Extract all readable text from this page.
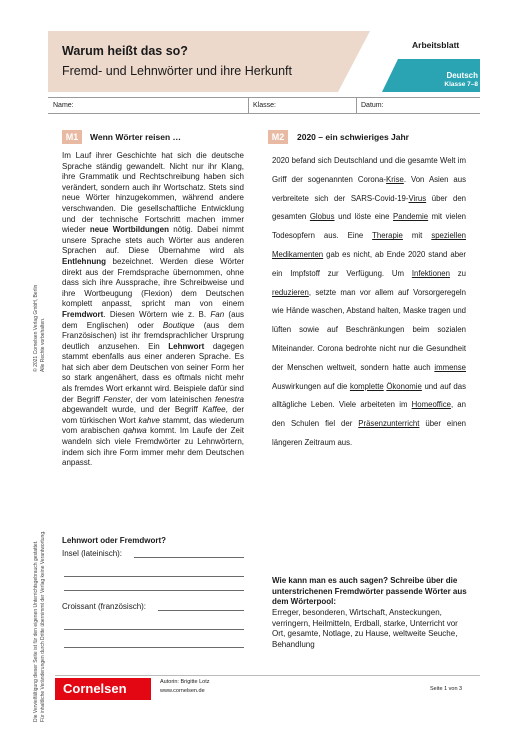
Warum heißt das so?
Fremd- und Lehnwörter und ihre Herkunft
Arbeitsblatt
Deutsch
Klasse 7–8
Name:	Klasse:	Datum:
M1	Wenn Wörter reisen …
Im Lauf ihrer Geschichte hat sich die deutsche Sprache ständig gewandelt. Nicht nur ihr Klang, ihre Grammatik und Rechtschreibung haben sich verändert, sondern auch ihr Wortschatz. Stets sind neue Wörter hinzugekommen, während andere verschwanden. Die gesellschaftliche Entwicklung und der technische Fortschritt machen immer wieder neue Wortbildungen nötig. Dabei nimmt unsere Sprache stets auch Wörter aus anderen Sprachen auf. Diese Übernahme wird als Entlehnung bezeichnet. Werden diese Wörter direkt aus der Fremdsprache übernommen, ohne dass sich ihre Aussprache, ihre Schreibweise und ihre Wortbeugung (Flexion) dem Deutschen komplett anpasst, spricht man von einem Fremdwort. Diesen Wörtern wie z. B. Fan (aus dem Englischen) oder Boutique (aus dem Französischen) ist ihr fremdsprachlicher Ursprung deutlich anzusehen. Ein Lehnwort dagegen stammt ebenfalls aus einer anderen Sprache. Es hat sich aber dem Deutschen von seiner Form her so stark angenähert, dass es oftmals nicht mehr als fremdes Wort erkannt wird. Beispiele dafür sind der Begriff Fenster, der vom lateinischen fenestra abgewandelt wurde, und der Begriff Kaffee, der vom türkischen Wort kahve stammt, das wiederum vom arabischen qahwa kommt. Im Laufe der Zeit wandeln sich viele Fremdwörter zu Lehnwörtern, indem sich ihre Form immer mehr dem Deutschen anpasst.
Lehnwort oder Fremdwort?
Insel (lateinisch):
Croissant (französisch):
M2	2020 – ein schwieriges Jahr
2020 befand sich Deutschland und die gesamte Welt im Griff der sogenannten Corona-Krise. Von Asien aus verbreitete sich der SARS-Covid-19-Virus über den gesamten Globus und löste eine Pandemie mit vielen Todesopfern aus. Eine Therapie mit speziellen Medikamenten gab es nicht, ab Ende 2020 stand aber ein Impfstoff zur Verfügung. Um Infektionen zu reduzieren, setzte man vor allem auf Vorsorgeregeln wie Hände waschen, Abstand halten, Maske tragen und lüften sowie auf Beschränkungen beim sozialen Miteinander. Corona bedrohte nicht nur die Gesundheit der Menschen weltweit, sondern hatte auch immense Auswirkungen auf die komplette Ökonomie und auf das alltägliche Leben. Viele arbeiteten im Homeoffice, an den Schulen fiel der Präsenzunterricht über einen längeren Zeitraum aus.
Wie kann man es auch sagen? Schreibe über die unterstrichenen Fremdwörter passende Wörter aus dem Wörterpool:
Erreger, besonderen, Wirtschaft, Ansteckungen, verringern, Heilmitteln, Erdball, starke, Unterricht vor Ort, gesamte, Notlage, zu Hause, weltweite Seuche, Behandlung
© 2021 Cornelsen Verlag GmbH, Berlin Alle Rechte vorbehalten.
Die Vervielfältigung dieser Seite ist für den eigenen Unterrichtsgebrauch gestattet. Für inhaltliche Veränderungen durch Dritte übernimmt der Verlag keine Verantwortung.	Cornelsen	Autorin: Brigitte Lotz
www.cornelsen.de	Seite 1 von 3
